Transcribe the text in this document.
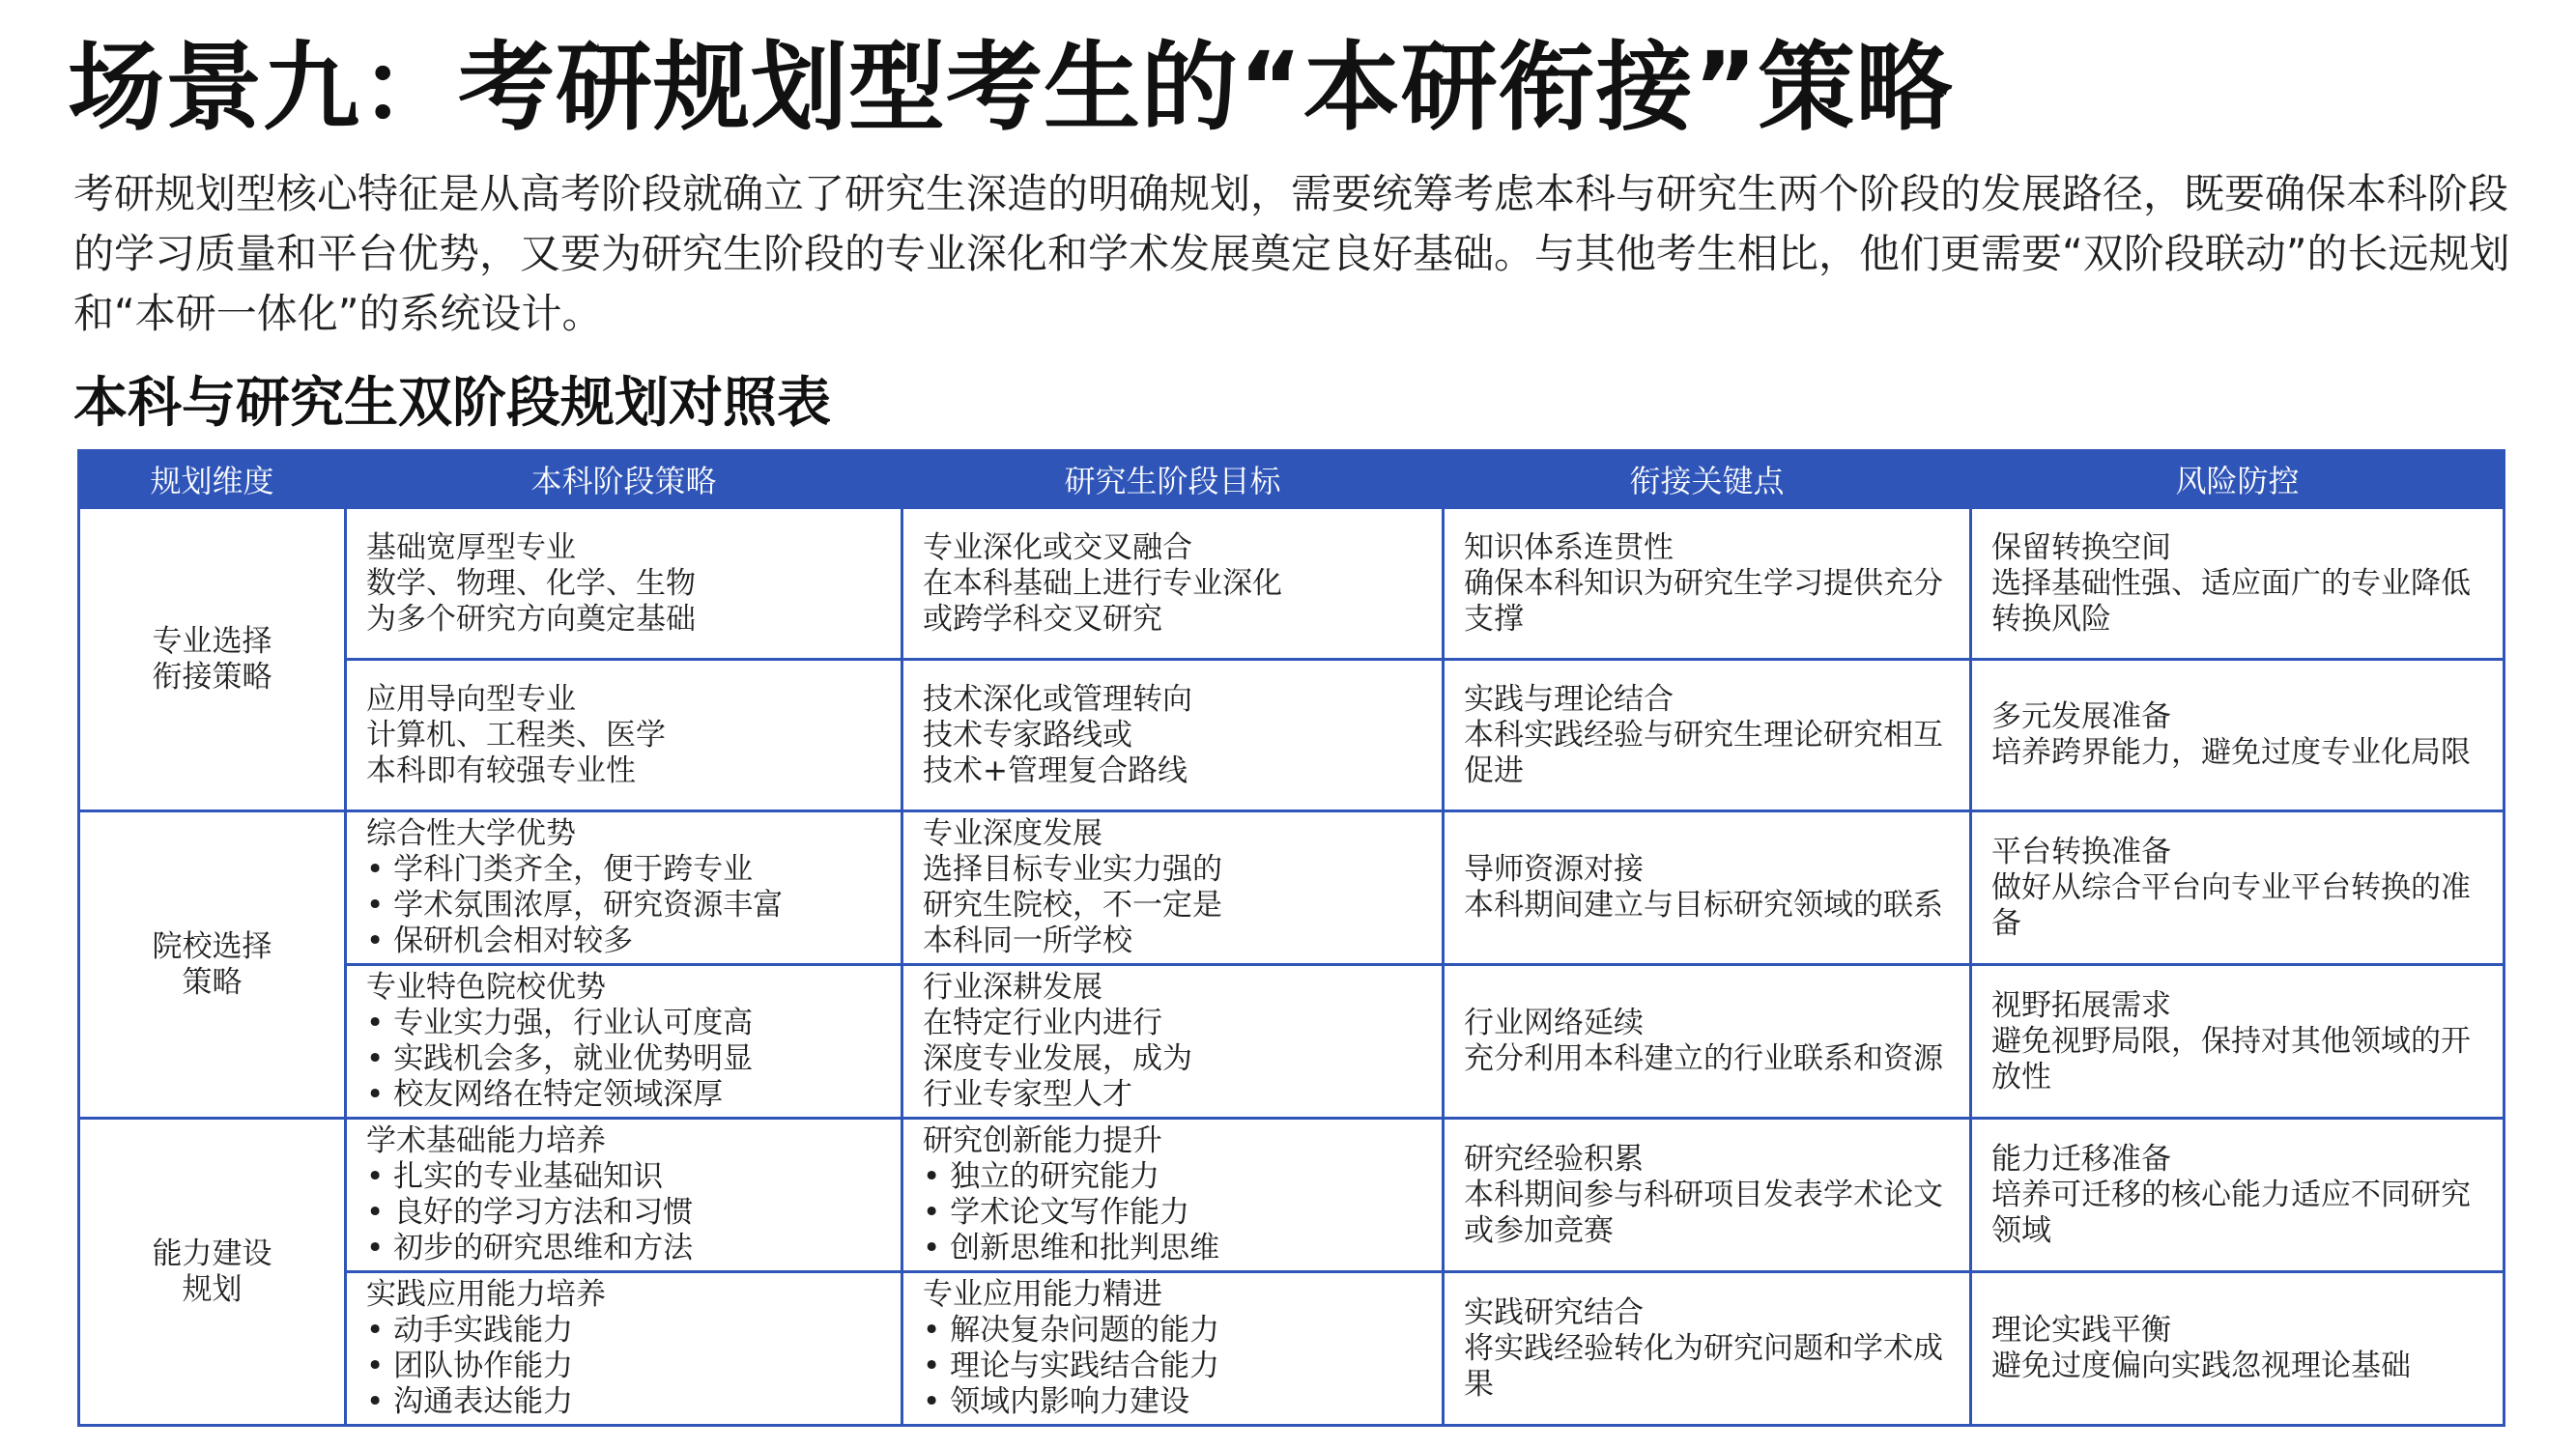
场景九：考研规划型考生的“本研衔接”策略
考研规划型核心特征是从高考阶段就确立了研究生深造的明确规划，需要统筹考虑本科与研究生两个阶段的发展路径，既要确保本科阶段的学习质量和平台优势，又要为研究生阶段的专业深化和学术发展奠定良好基础。与其他考生相比，他们更需要“双阶段联动”的长远规划和“本研一体化”的系统设计。
本科与研究生双阶段规划对照表
规划维度	本科阶段策略	研究生阶段目标	衔接关键点	风险防控

专业选择
衔接策略	基础宽厚型专业
数学、物理、化学、生物
为多个研究方向奠定基础	专业深化或交叉融合
在本科基础上进行专业深化
或跨学科交叉研究	知识体系连贯性
确保本科知识为研究生学习提供充分
支撑	保留转换空间
选择基础性强、适应面广的专业降低
转换风险

	应用导向型专业
计算机、工程类、医学
本科即有较强专业性	技术深化或管理转向
技术专家路线或
技术+管理复合路线	实践与理论结合
本科实践经验与研究生理论研究相互
促进	多元发展准备
培养跨界能力，避免过度专业化局限

院校选择
策略	综合性大学优势
• 学科门类齐全，便于跨专业
• 学术氛围浓厚，研究资源丰富
• 保研机会相对较多	专业深度发展
选择目标专业实力强的
研究生院校，不一定是
本科同一所学校	导师资源对接
本科期间建立与目标研究领域的联系	平台转换准备
做好从综合平台向专业平台转换的准
备

	专业特色院校优势
• 专业实力强，行业认可度高
• 实践机会多，就业优势明显
• 校友网络在特定领域深厚	行业深耕发展
在特定行业内进行
深度专业发展，成为
行业专家型人才	行业网络延续
充分利用本科建立的行业联系和资源	视野拓展需求
避免视野局限，保持对其他领域的开
放性

能力建设
规划	学术基础能力培养
• 扎实的专业基础知识
• 良好的学习方法和习惯
• 初步的研究思维和方法	研究创新能力提升
• 独立的研究能力
• 学术论文写作能力
• 创新思维和批判思维	研究经验积累
本科期间参与科研项目发表学术论文
或参加竞赛	能力迁移准备
培养可迁移的核心能力适应不同研究
领域

	实践应用能力培养
• 动手实践能力
• 团队协作能力
• 沟通表达能力	专业应用能力精进
• 解决复杂问题的能力
• 理论与实践结合能力
• 领域内影响力建设	实践研究结合
将实践经验转化为研究问题和学术成
果	理论实践平衡
避免过度偏向实践忽视理论基础
